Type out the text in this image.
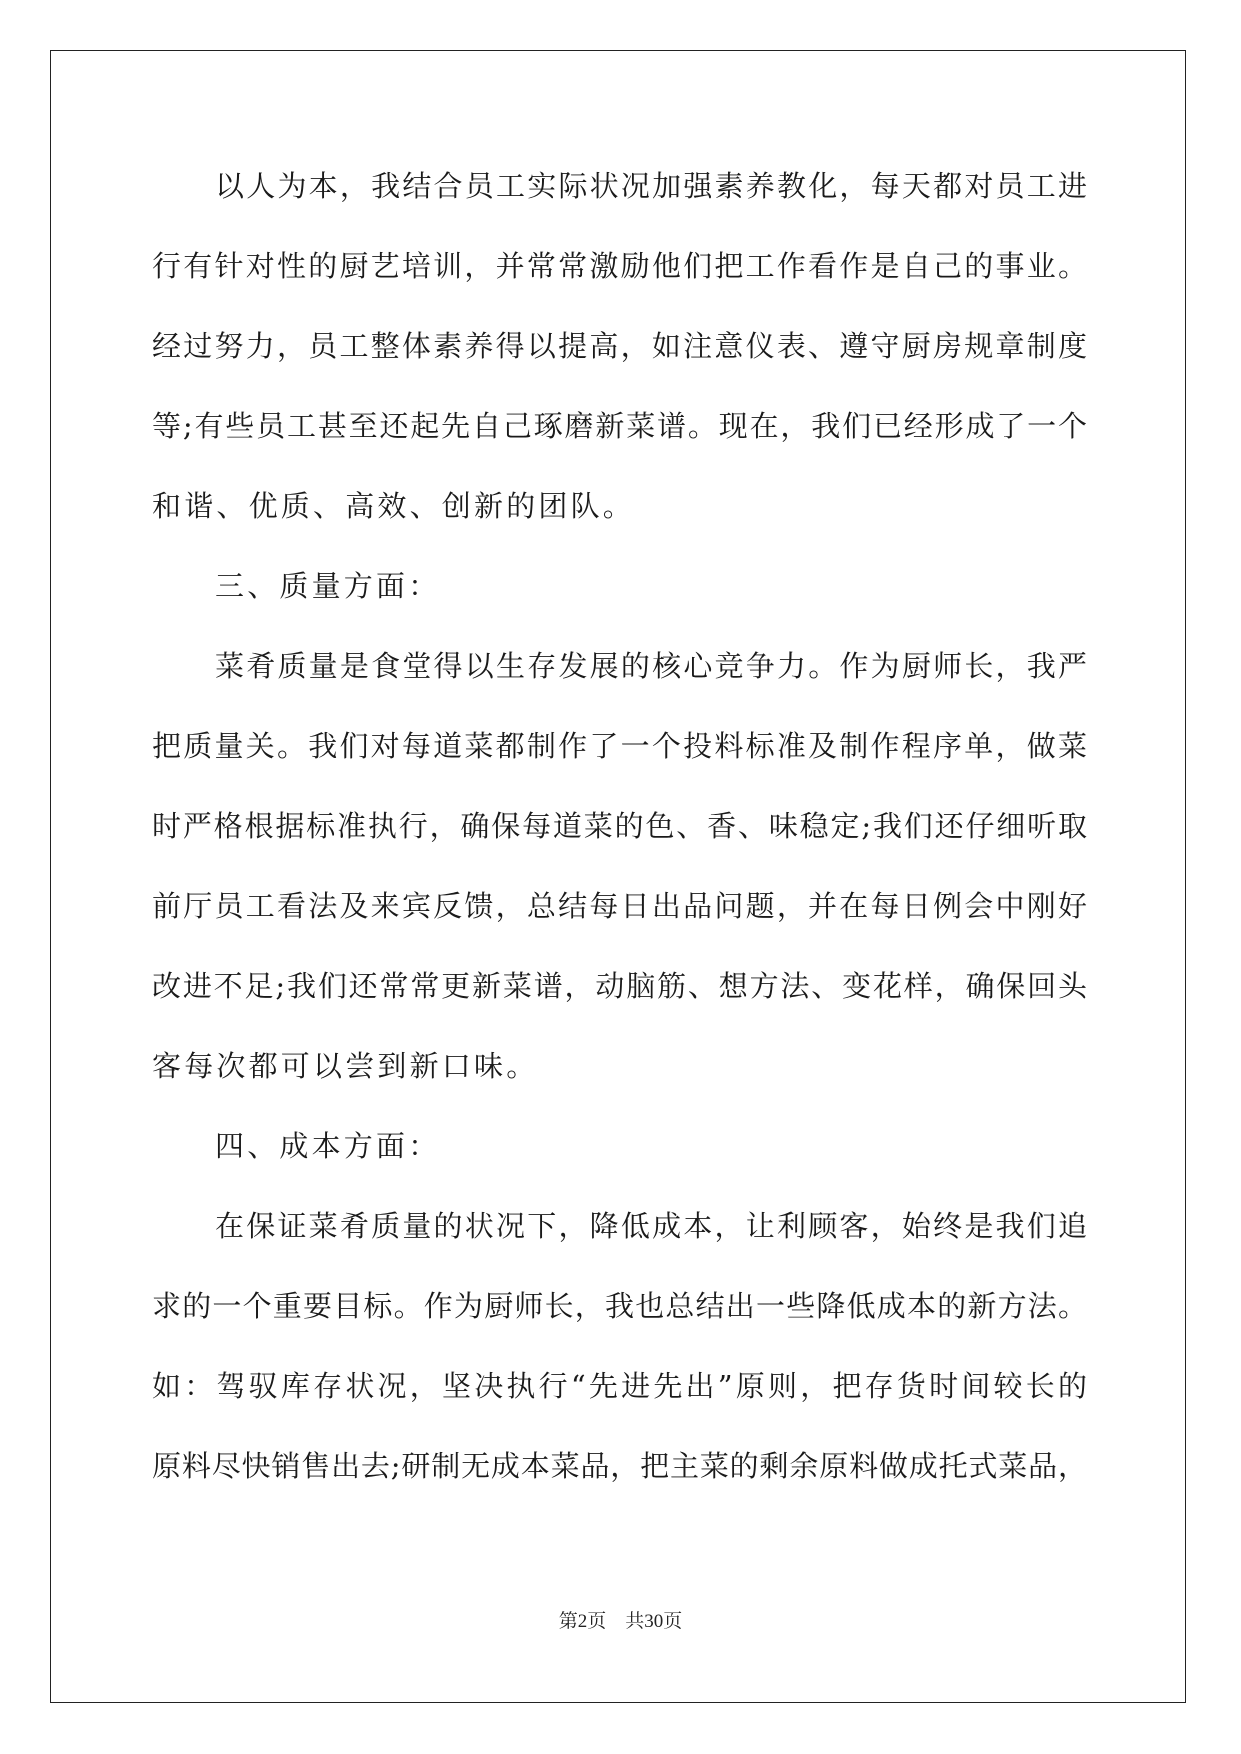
以人为本，我结合员工实际状况加强素养教化，每天都对员工进
行有针对性的厨艺培训，并常常激励他们把工作看作是自己的事业。
经过努力，员工整体素养得以提高，如注意仪表、遵守厨房规章制度
等;有些员工甚至还起先自己琢磨新菜谱。现在，我们已经形成了一个
和谐、优质、高效、创新的团队。
三、质量方面：
菜肴质量是食堂得以生存发展的核心竞争力。作为厨师长，我严
把质量关。我们对每道菜都制作了一个投料标准及制作程序单，做菜
时严格根据标准执行，确保每道菜的色、香、味稳定;我们还仔细听取
前厅员工看法及来宾反馈，总结每日出品问题，并在每日例会中刚好
改进不足;我们还常常更新菜谱，动脑筋、想方法、变花样，确保回头
客每次都可以尝到新口味。
四、成本方面：
在保证菜肴质量的状况下，降低成本，让利顾客，始终是我们追
求的一个重要目标。作为厨师长，我也总结出一些降低成本的新方法。
如：驾驭库存状况，坚决执行“先进先出”原则，把存货时间较长的
原料尽快销售出去;研制无成本菜品，把主菜的剩余原料做成托式菜品，
第2页 共30页
